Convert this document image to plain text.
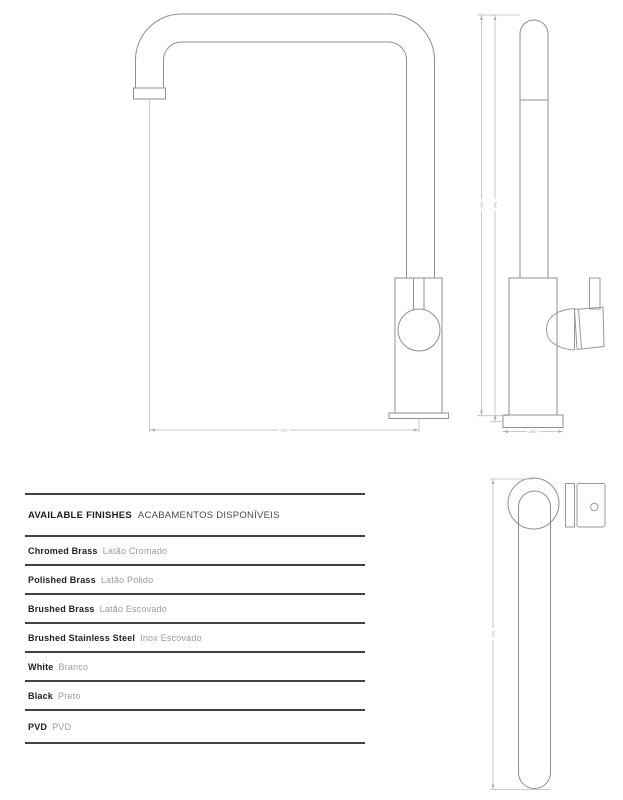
220
408 342
Ø50
310
AVAILABLE FINISHES ACABAMENTOS DISPONÍVEIS
Chromed Brass Latão Cromado
Polished Brass Latão Polido
Brushed Brass Latão Escovado
Brushed Stainless Steel Inox Escovado
White Branco
Black Preto
PVD PVD
